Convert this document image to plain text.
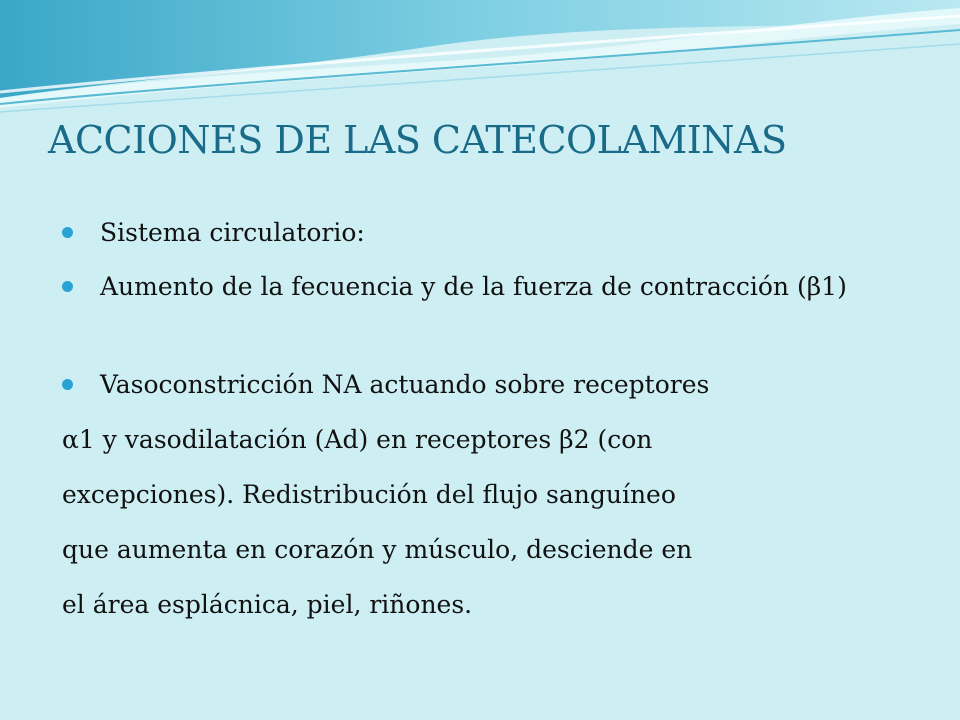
ACCIONES DE LAS CATECOLAMINAS
Sistema circulatorio:
Aumento de la fecuencia y de la fuerza de contracción (β1)
Vasoconstricción NA actuando sobre receptores
α1 y vasodilatación (Ad) en receptores β2 (con
excepciones). Redistribución del flujo sanguíneo
que aumenta en corazón y músculo, desciende en
el área esplácnica, piel, riñones.
